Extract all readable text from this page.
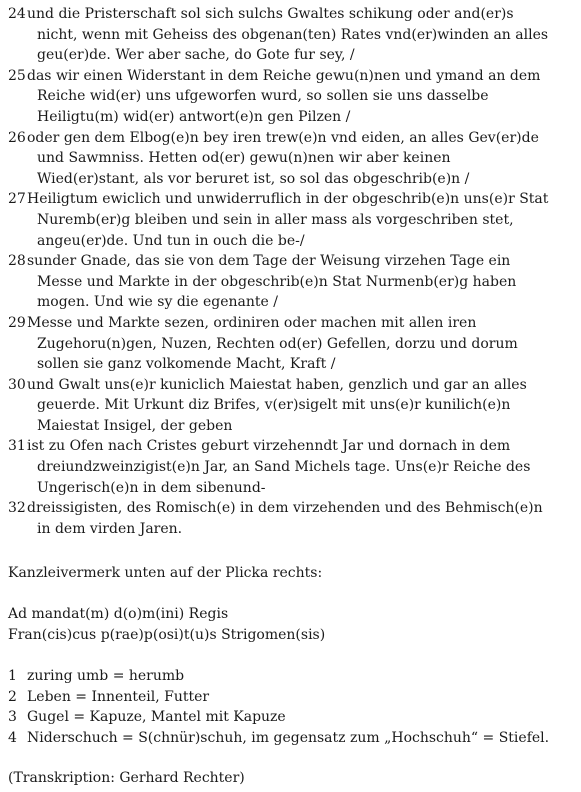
24 und die Pristerschaft sol sich sulchs Gwaltes schikung oder and(er)s
nicht, wenn mit Geheiss des obgenan(ten) Rates vnd(er)winden an alles
geu(er)de. Wer aber sache, do Gote fur sey, /
25 das wir einen Widerstant in dem Reiche gewu(n)nen und ymand an dem
Reiche wid(er) uns ufgeworfen wurd, so sollen sie uns dasselbe
Heiligtu(m) wid(er) antwort(e)n gen Pilzen /
26 oder gen dem Elbog(e)n bey iren trew(e)n vnd eiden, an alles Gev(er)de
und Sawmniss. Hetten od(er) gewu(n)nen wir aber keinen
Wied(er)stant, als vor beruret ist, so sol das obgeschrib(e)n /
27 Heiligtum ewiclich und unwiderruflich in der obgeschrib(e)n uns(e)r Stat
Nuremb(er)g bleiben und sein in aller mass als vorgeschriben stet,
angeu(er)de. Und tun in ouch die be-/
28 sunder Gnade, das sie von dem Tage der Weisung virzehen Tage ein
Messe und Markte in der obgeschrib(e)n Stat Nurmenb(er)g haben
mogen. Und wie sy die egenante /
29 Messe und Markte sezen, ordiniren oder machen mit allen iren
Zugehoru(n)gen, Nuzen, Rechten od(er) Gefellen, dorzu und dorum
sollen sie ganz volkomende Macht, Kraft /
30 und Gwalt uns(e)r kuniclich Maiestat haben, genzlich und gar an alles
geuerde. Mit Urkunt diz Brifes, v(er)sigelt mit uns(e)r kunilich(e)n
Maiestat Insigel, der geben
31 ist zu Ofen nach Cristes geburt virzehenndt Jar und dornach in dem
dreiundzweinzigist(e)n Jar, an Sand Michels tage. Uns(e)r Reiche des
Ungerisch(e)n in dem sibenund-
32 dreissigisten, des Romisch(e) in dem virzehenden und des Behmisch(e)n
in dem virden Jaren.
Kanzleivermerk unten auf der Plicka rechts:
Ad mandat(m) d(o)m(ini) Regis
Fran(cis)cus p(rae)p(osi)t(u)s Strigomen(sis)
1 zuring umb = herumb
2 Leben = Innenteil, Futter
3 Gugel = Kapuze, Mantel mit Kapuze
4 Niderschuch = S(chnür)schuh, im gegensatz zum „Hochschuh“ = Stiefel.
(Transkription: Gerhard Rechter)
